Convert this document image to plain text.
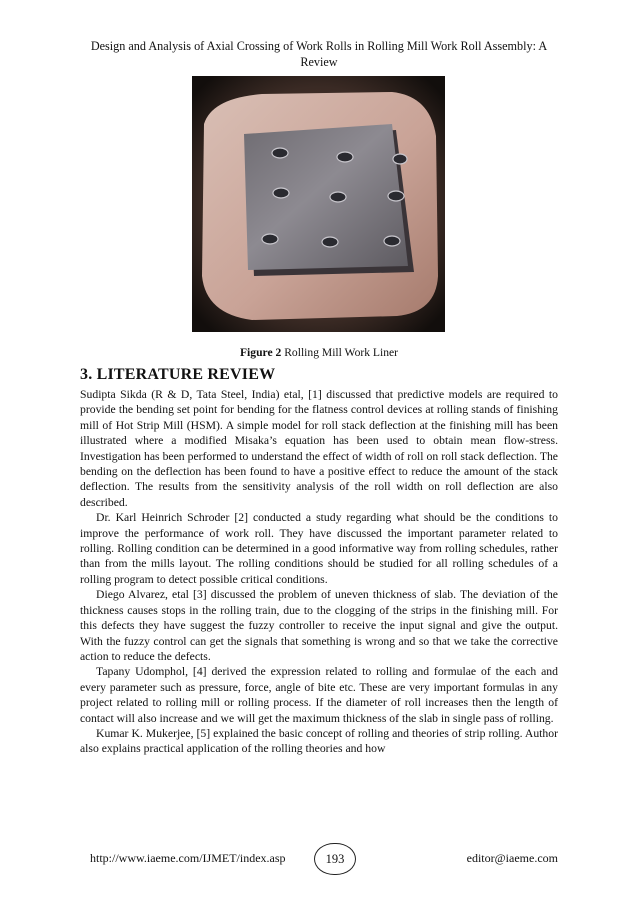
Design and Analysis of Axial Crossing of Work Rolls in Rolling Mill Work Roll Assembly: A Review
Figure 2 Rolling Mill Work Liner
3. LITERATURE REVIEW

Sudipta Sikda (R & D, Tata Steel, India) etal, [1] discussed that predictive models are required to provide the bending set point for bending for the flatness control devices at rolling stands of finishing mill of Hot Strip Mill (HSM). A simple model for roll stack deflection at the finishing mill has been illustrated where a modified Misaka’s equation has been used to obtain mean flow-stress. Investigation has been performed to understand the effect of width of roll on roll stack deflection. The bending on the deflection has been found to have a positive effect to reduce the amount of the stack deflection. The results from the sensitivity analysis of the roll width on roll deflection are also described.

Dr. Karl Heinrich Schroder [2] conducted a study regarding what should be the conditions to improve the performance of work roll. They have discussed the important parameter related to rolling. Rolling condition can be determined in a good informative way from rolling schedules, rather than from the mills layout. The rolling conditions should be studied for all rolling schedules of a rolling program to detect possible critical conditions.

Diego Alvarez, etal [3] discussed the problem of uneven thickness of slab. The deviation of the thickness causes stops in the rolling train, due to the clogging of the strips in the finishing mill. For this defects they have suggest the fuzzy controller to receive the input signal and give the output. With the fuzzy control can get the signals that something is wrong and so that we take the corrective action to reduce the defects.

Tapany Udomphol, [4] derived the expression related to rolling and formulae of the each and every parameter such as pressure, force, angle of bite etc. These are very important formulas in any project related to rolling mill or rolling process. If the diameter of roll increases then the length of contact will also increase and we will get the maximum thickness of the slab in single pass of rolling.

Kumar K. Mukerjee, [5] explained the basic concept of rolling and theories of strip rolling. Author also explains practical application of the rolling theories and how

http://www.iaeme.com/IJMET/index.asp	193	editor@iaeme.com
